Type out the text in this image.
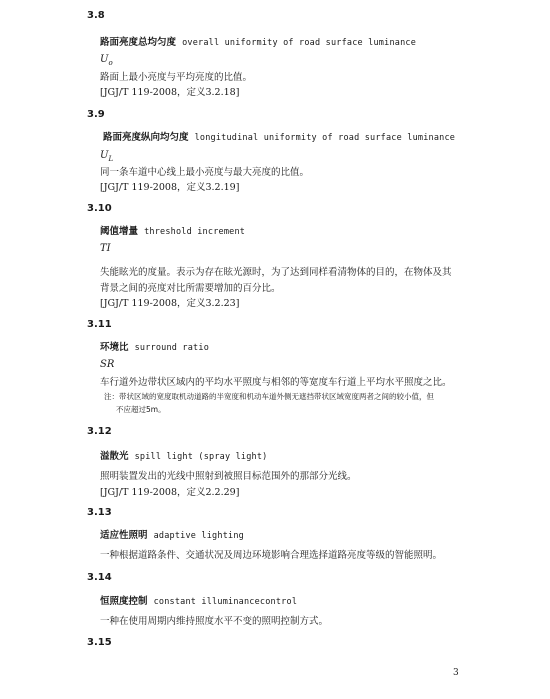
3.8
路面亮度总均匀度 overall uniformity of road surface luminance
$U_o$
路面上最小亮度与平均亮度的比值。
[JGJ/T 119-2008，定义3.2.18]
3.9
路面亮度纵向均匀度 longitudinal uniformity of road surface luminance
$U_L$
同一条车道中心线上最小亮度与最大亮度的比值。
[JGJ/T 119-2008，定义3.2.19]
3.10
阈值增量 threshold increment
TI
失能眩光的度量。表示为存在眩光源时，为了达到同样看清物体的目的，在物体及其
背景之间的亮度对比所需要增加的百分比。
[JGJ/T 119-2008，定义3.2.23]
3.11
环境比 surround ratio
SR
车行道外边带状区域内的平均水平照度与相邻的等宽度车行道上平均水平照度之比。
注：带状区域的宽度取机动道路的半宽度和机动车道外侧无遮挡带状区域宽度两者之间的较小值，但
不应超过5m。
3.12
溢散光 spill light (spray light)
照明装置发出的光线中照射到被照目标范围外的那部分光线。
[JGJ/T 119-2008，定义2.2.29]
3.13
适应性照明 adaptive lighting
一种根据道路条件、交通状况及周边环境影响合理选择道路亮度等级的智能照明。
3.14
恒照度控制 constant illuminancecontrol
一种在使用周期内维持照度水平不变的照明控制方式。
3.15
3
